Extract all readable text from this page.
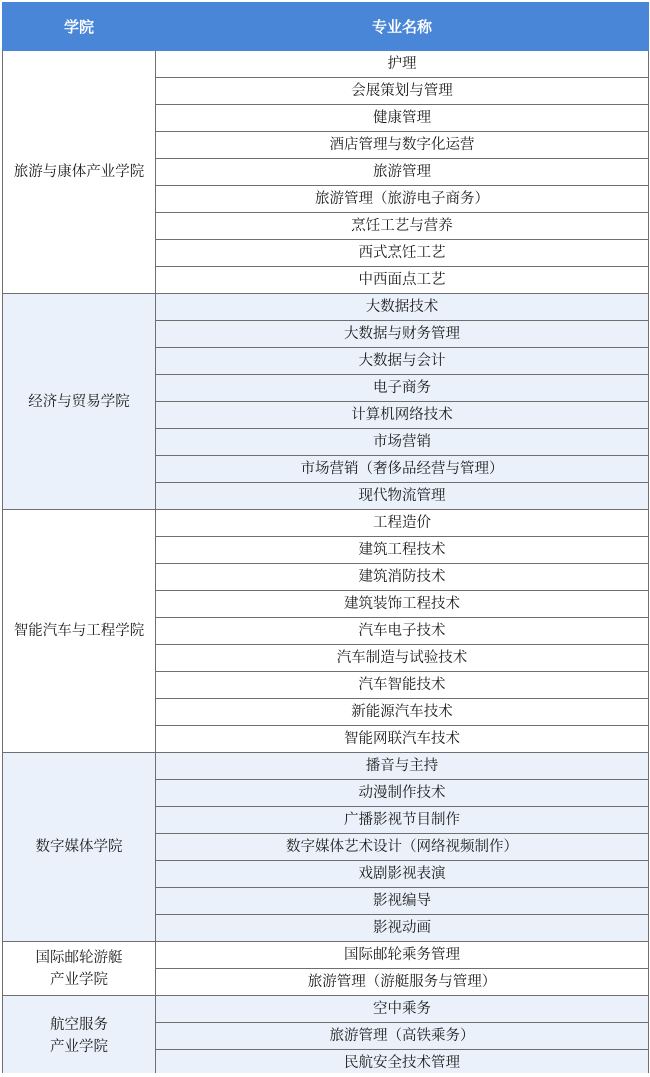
学院	专业名称

旅游与康体产业学院	护理
	会展策划与管理
	健康管理
	酒店管理与数字化运营
	旅游管理
	旅游管理（旅游电子商务）
	烹饪工艺与营养
	西式烹饪工艺
	中西面点工艺

经济与贸易学院	大数据技术
	大数据与财务管理
	大数据与会计
	电子商务
	计算机网络技术
	市场营销
	市场营销（奢侈品经营与管理）
	现代物流管理

智能汽车与工程学院	工程造价
	建筑工程技术
	建筑消防技术
	建筑装饰工程技术
	汽车电子技术
	汽车制造与试验技术
	汽车智能技术
	新能源汽车技术
	智能网联汽车技术

数字媒体学院	播音与主持
	动漫制作技术
	广播影视节目制作
	数字媒体艺术设计（网络视频制作）
	戏剧影视表演
	影视编导
	影视动画

国际邮轮游艇
产业学院	国际邮轮乘务管理
	旅游管理（游艇服务与管理）

航空服务
产业学院	空中乘务
	旅游管理（高铁乘务）
	民航安全技术管理
